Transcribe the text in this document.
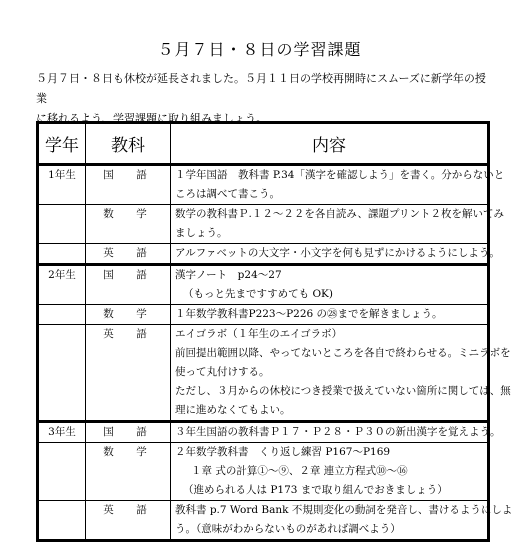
５月７日・８日の学習課題

５月７日・８日も休校が延長されました。５月１１日の学校再開時にスムーズに新学年の授業

に移れるよう、学習課題に取り組みましょう。

学年	教科	内容
1年生	国　語	１学年国語　教科書 P.34「漢字を確認しよう」を書く。分からないと
ころは調べて書こう。

	数　学	数学の教科書Ｐ.１２～２２を各自読み、課題プリント２枚を解いてみ
ましょう。

	英　語	アルファベットの大文字・小文字を何も見ずにかけるようにしよう。

2年生	国　語	漢字ノート　p24～27
（もっと先まですすめても OK)

	数　学	１年数学教科書P223～P226 の㉘までを解きましょう。

	英　語	エイゴラボ（１年生のエイゴラボ）
前回提出範囲以降、やってないところを各自で終わらせる。ミニラボを
使って丸付けする。
ただし、３月からの休校につき授業で扱えていない箇所に関しては、無
理に進めなくてもよい。

3年生	国　語	３年生国語の教科書Ｐ１７・Ｐ２８・Ｐ３０の新出漢字を覚えよう。

	数　学	２年数学教科書　くり返し練習 P167～P169
１章 式の計算①～⑨、２章 連立方程式⑩～⑯
（進められる人は P173 まで取り組んでおきましょう）

	英　語	教科書 p.7 Word Bank 不規則変化の動詞を発音し、書けるようにしよ
う。（意味がわからないものがあれば調べよう）
